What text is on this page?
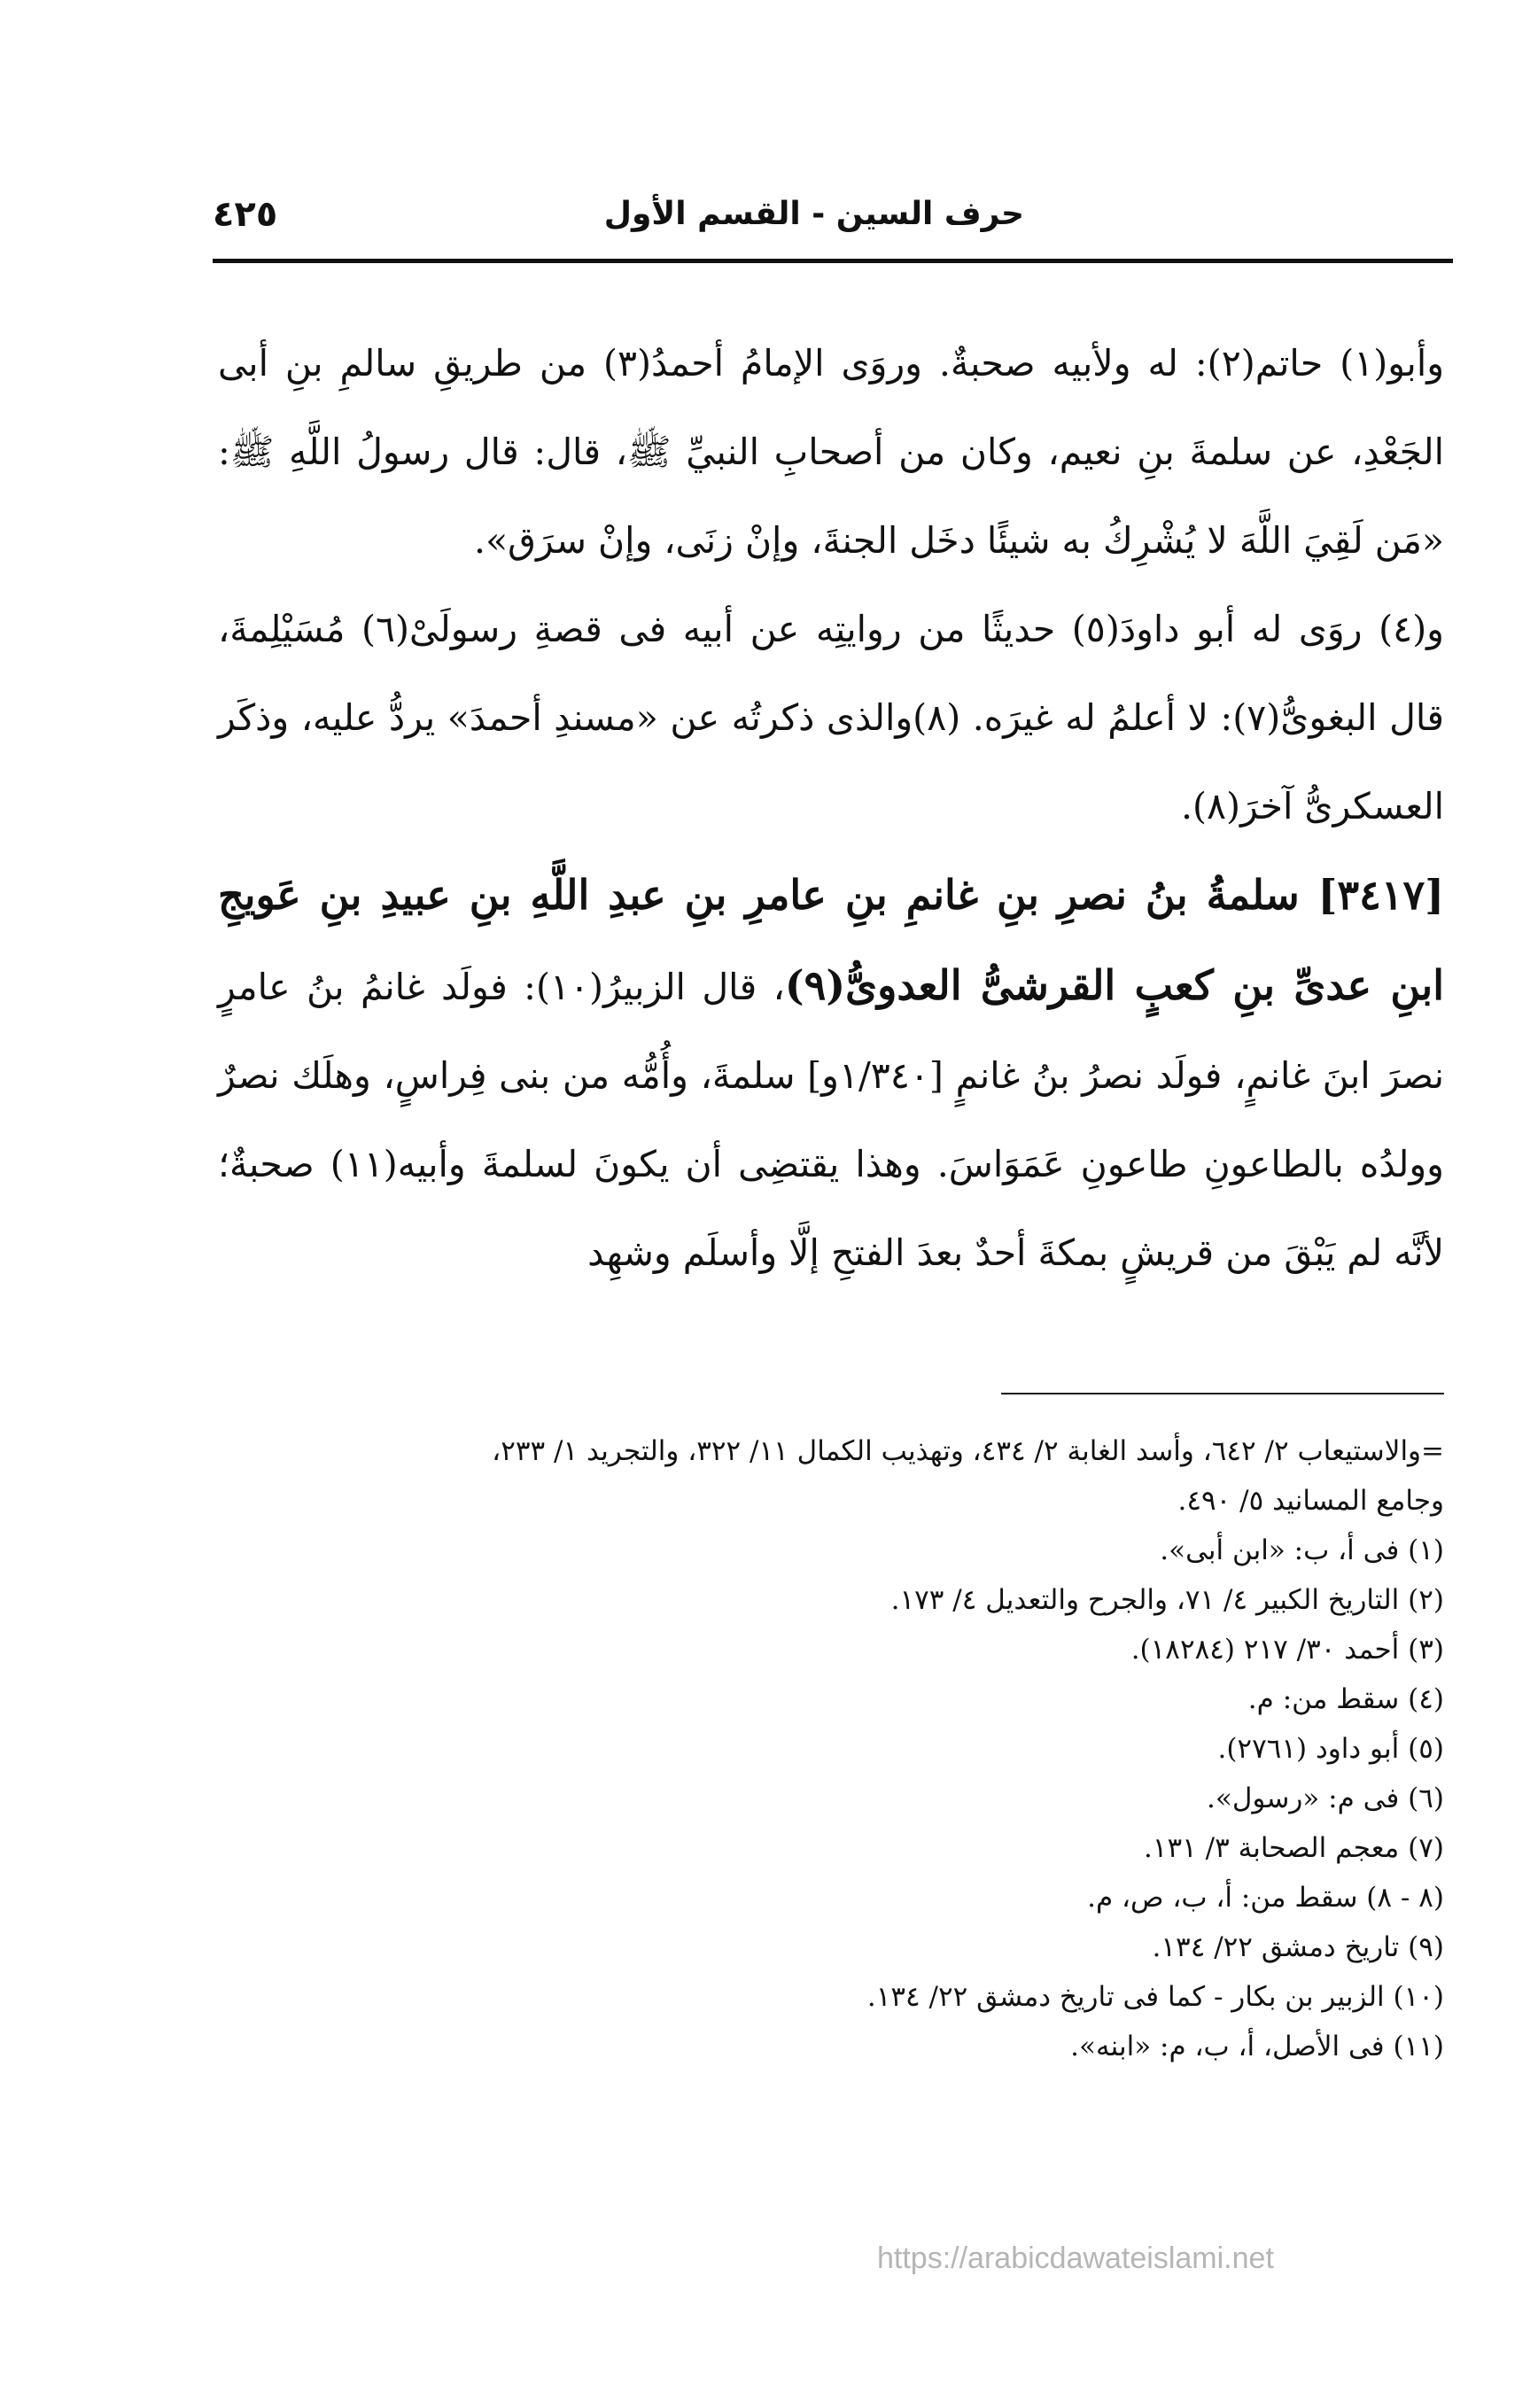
حرف السين - القسم الأول
٤٢٥

وأبو(١) حاتم(٢): له ولأبيه صحبةٌ. وروَى الإمامُ أحمدُ(٣) من طريقِ سالمِ بنِ أبى الجَعْدِ، عن سلمةَ بنِ نعيم، وكان من أصحابِ النبيِّ ﷺ، قال: قال رسولُ اللَّهِ ﷺ: «مَن لَقِيَ اللَّهَ لا يُشْرِكُ به شيئًا دخَل الجنةَ، وإنْ زنَى، وإنْ سرَق».

و(٤) روَى له أبو داودَ(٥) حديثًا من روايتِه عن أبيه فى قصةِ رسولَىْ(٦) مُسَيْلِمةَ، قال البغوىُّ(٧): لا أعلمُ له غيرَه. (٨)والذى ذكرتُه عن «مسندِ أحمدَ» يردُّ عليه، وذكَر العسكرىُّ آخرَ(٨).

[٣٤١٧] سلمةُ بنُ نصرِ بنِ غانمِ بنِ عامرِ بنِ عبدِ اللَّهِ بنِ عبيدِ بنِ عَويجِ ابنِ عدىِّ بنِ كعبٍ القرشىُّ العدوىُّ(٩)، قال الزبيرُ(١٠): فولَد غانمُ بنُ عامرٍ نصرَ ابنَ غانمٍ، فولَد نصرُ بنُ غانمٍ [١/٣٤٠و] سلمةَ، وأُمُّه من بنى فِراسٍ، وهلَك نصرٌ وولدُه بالطاعونِ طاعونِ عَمَوَاسَ. وهذا يقتضِى أن يكونَ لسلمةَ وأبيه(١١) صحبةٌ؛ لأنَّه لم يَبْقَ من قريشٍ بمكةَ أحدٌ بعدَ الفتحِ إلَّا وأسلَم وشهِد

=والاستيعاب ٢/ ٦٤٢، وأسد الغابة ٢/ ٤٣٤، وتهذيب الكمال ١١/ ٣٢٢، والتجريد ١/ ٢٣٣،

وجامع المسانيد ٥/ ٤٩٠.

(١) فى أ، ب: «ابن أبى».

(٢) التاريخ الكبير ٤/ ٧١، والجرح والتعديل ٤/ ١٧٣.

(٣) أحمد ٣٠/ ٢١٧ (١٨٢٨٤).

(٤) سقط من: م.

(٥) أبو داود (٢٧٦١).

(٦) فى م: «رسول».

(٧) معجم الصحابة ٣/ ١٣١.

(٨ - ٨) سقط من: أ، ب، ص، م.

(٩) تاريخ دمشق ٢٢/ ١٣٤.

(١٠) الزبير بن بكار - كما فى تاريخ دمشق ٢٢/ ١٣٤.

(١١) فى الأصل، أ، ب، م: «ابنه».

https://arabicdawateislami.net
